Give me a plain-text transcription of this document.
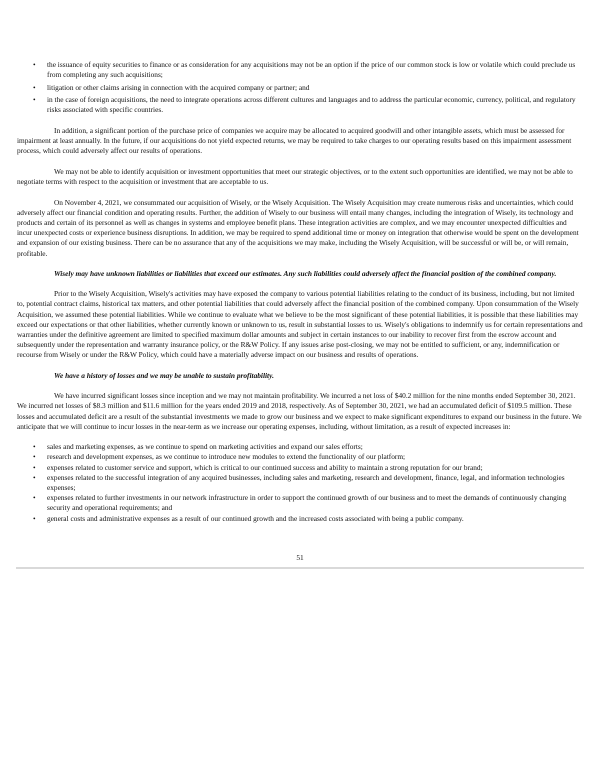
• the issuance of equity securities to finance or as consideration for any acquisitions may not be an option if the price of our common stock is low or volatile which could preclude us from completing any such acquisitions;
• litigation or other claims arising in connection with the acquired company or partner; and
• in the case of foreign acquisitions, the need to integrate operations across different cultures and languages and to address the particular economic, currency, political, and regulatory risks associated with specific countries.

In addition, a significant portion of the purchase price of companies we acquire may be allocated to acquired goodwill and other intangible assets, which must be assessed for impairment at least annually. In the future, if our acquisitions do not yield expected returns, we may be required to take charges to our operating results based on this impairment assessment process, which could adversely affect our results of operations.

We may not be able to identify acquisition or investment opportunities that meet our strategic objectives, or to the extent such opportunities are identified, we may not be able to negotiate terms with respect to the acquisition or investment that are acceptable to us.

On November 4, 2021, we consummated our acquisition of Wisely, or the Wisely Acquisition. The Wisely Acquisition may create numerous risks and uncertainties, which could adversely affect our financial condition and operating results. Further, the addition of Wisely to our business will entail many changes, including the integration of Wisely, its technology and products and certain of its personnel as well as changes in systems and employee benefit plans. These integration activities are complex, and we may encounter unexpected difficulties and incur unexpected costs or experience business disruptions. In addition, we may be required to spend additional time or money on integration that otherwise would be spent on the development and expansion of our existing business. There can be no assurance that any of the acquisitions we may make, including the Wisely Acquisition, will be successful or will be, or will remain, profitable.

Wisely may have unknown liabilities or liabilities that exceed our estimates. Any such liabilities could adversely affect the financial position of the combined company.

Prior to the Wisely Acquisition, Wisely's activities may have exposed the company to various potential liabilities relating to the conduct of its business, including, but not limited to, potential contract claims, historical tax matters, and other potential liabilities that could adversely affect the financial position of the combined company. Upon consummation of the Wisely Acquisition, we assumed these potential liabilities. While we continue to evaluate what we believe to be the most significant of these potential liabilities, it is possible that these liabilities may exceed our expectations or that other liabilities, whether currently known or unknown to us, result in substantial losses to us. Wisely's obligations to indemnify us for certain representations and warranties under the definitive agreement are limited to specified maximum dollar amounts and subject in certain instances to our inability to recover first from the escrow account and subsequently under the representation and warranty insurance policy, or the R&W Policy. If any issues arise post-closing, we may not be entitled to sufficient, or any, indemnification or recourse from Wisely or under the R&W Policy, which could have a materially adverse impact on our business and results of operations.

We have a history of losses and we may be unable to sustain profitability.

We have incurred significant losses since inception and we may not maintain profitability. We incurred a net loss of $40.2 million for the nine months ended September 30, 2021. We incurred net losses of $8.3 million and $11.6 million for the years ended 2019 and 2018, respectively. As of September 30, 2021, we had an accumulated deficit of $109.5 million. These losses and accumulated deficit are a result of the substantial investments we made to grow our business and we expect to make significant expenditures to expand our business in the future. We anticipate that we will continue to incur losses in the near-term as we increase our operating expenses, including, without limitation, as a result of expected increases in:

• sales and marketing expenses, as we continue to spend on marketing activities and expand our sales efforts;
• research and development expenses, as we continue to introduce new modules to extend the functionality of our platform;
• expenses related to customer service and support, which is critical to our continued success and ability to maintain a strong reputation for our brand;
• expenses related to the successful integration of any acquired businesses, including sales and marketing, research and development, finance, legal, and information technologies expenses;
• expenses related to further investments in our network infrastructure in order to support the continued growth of our business and to meet the demands of continuously changing security and operational requirements; and
• general costs and administrative expenses as a result of our continued growth and the increased costs associated with being a public company.
51
